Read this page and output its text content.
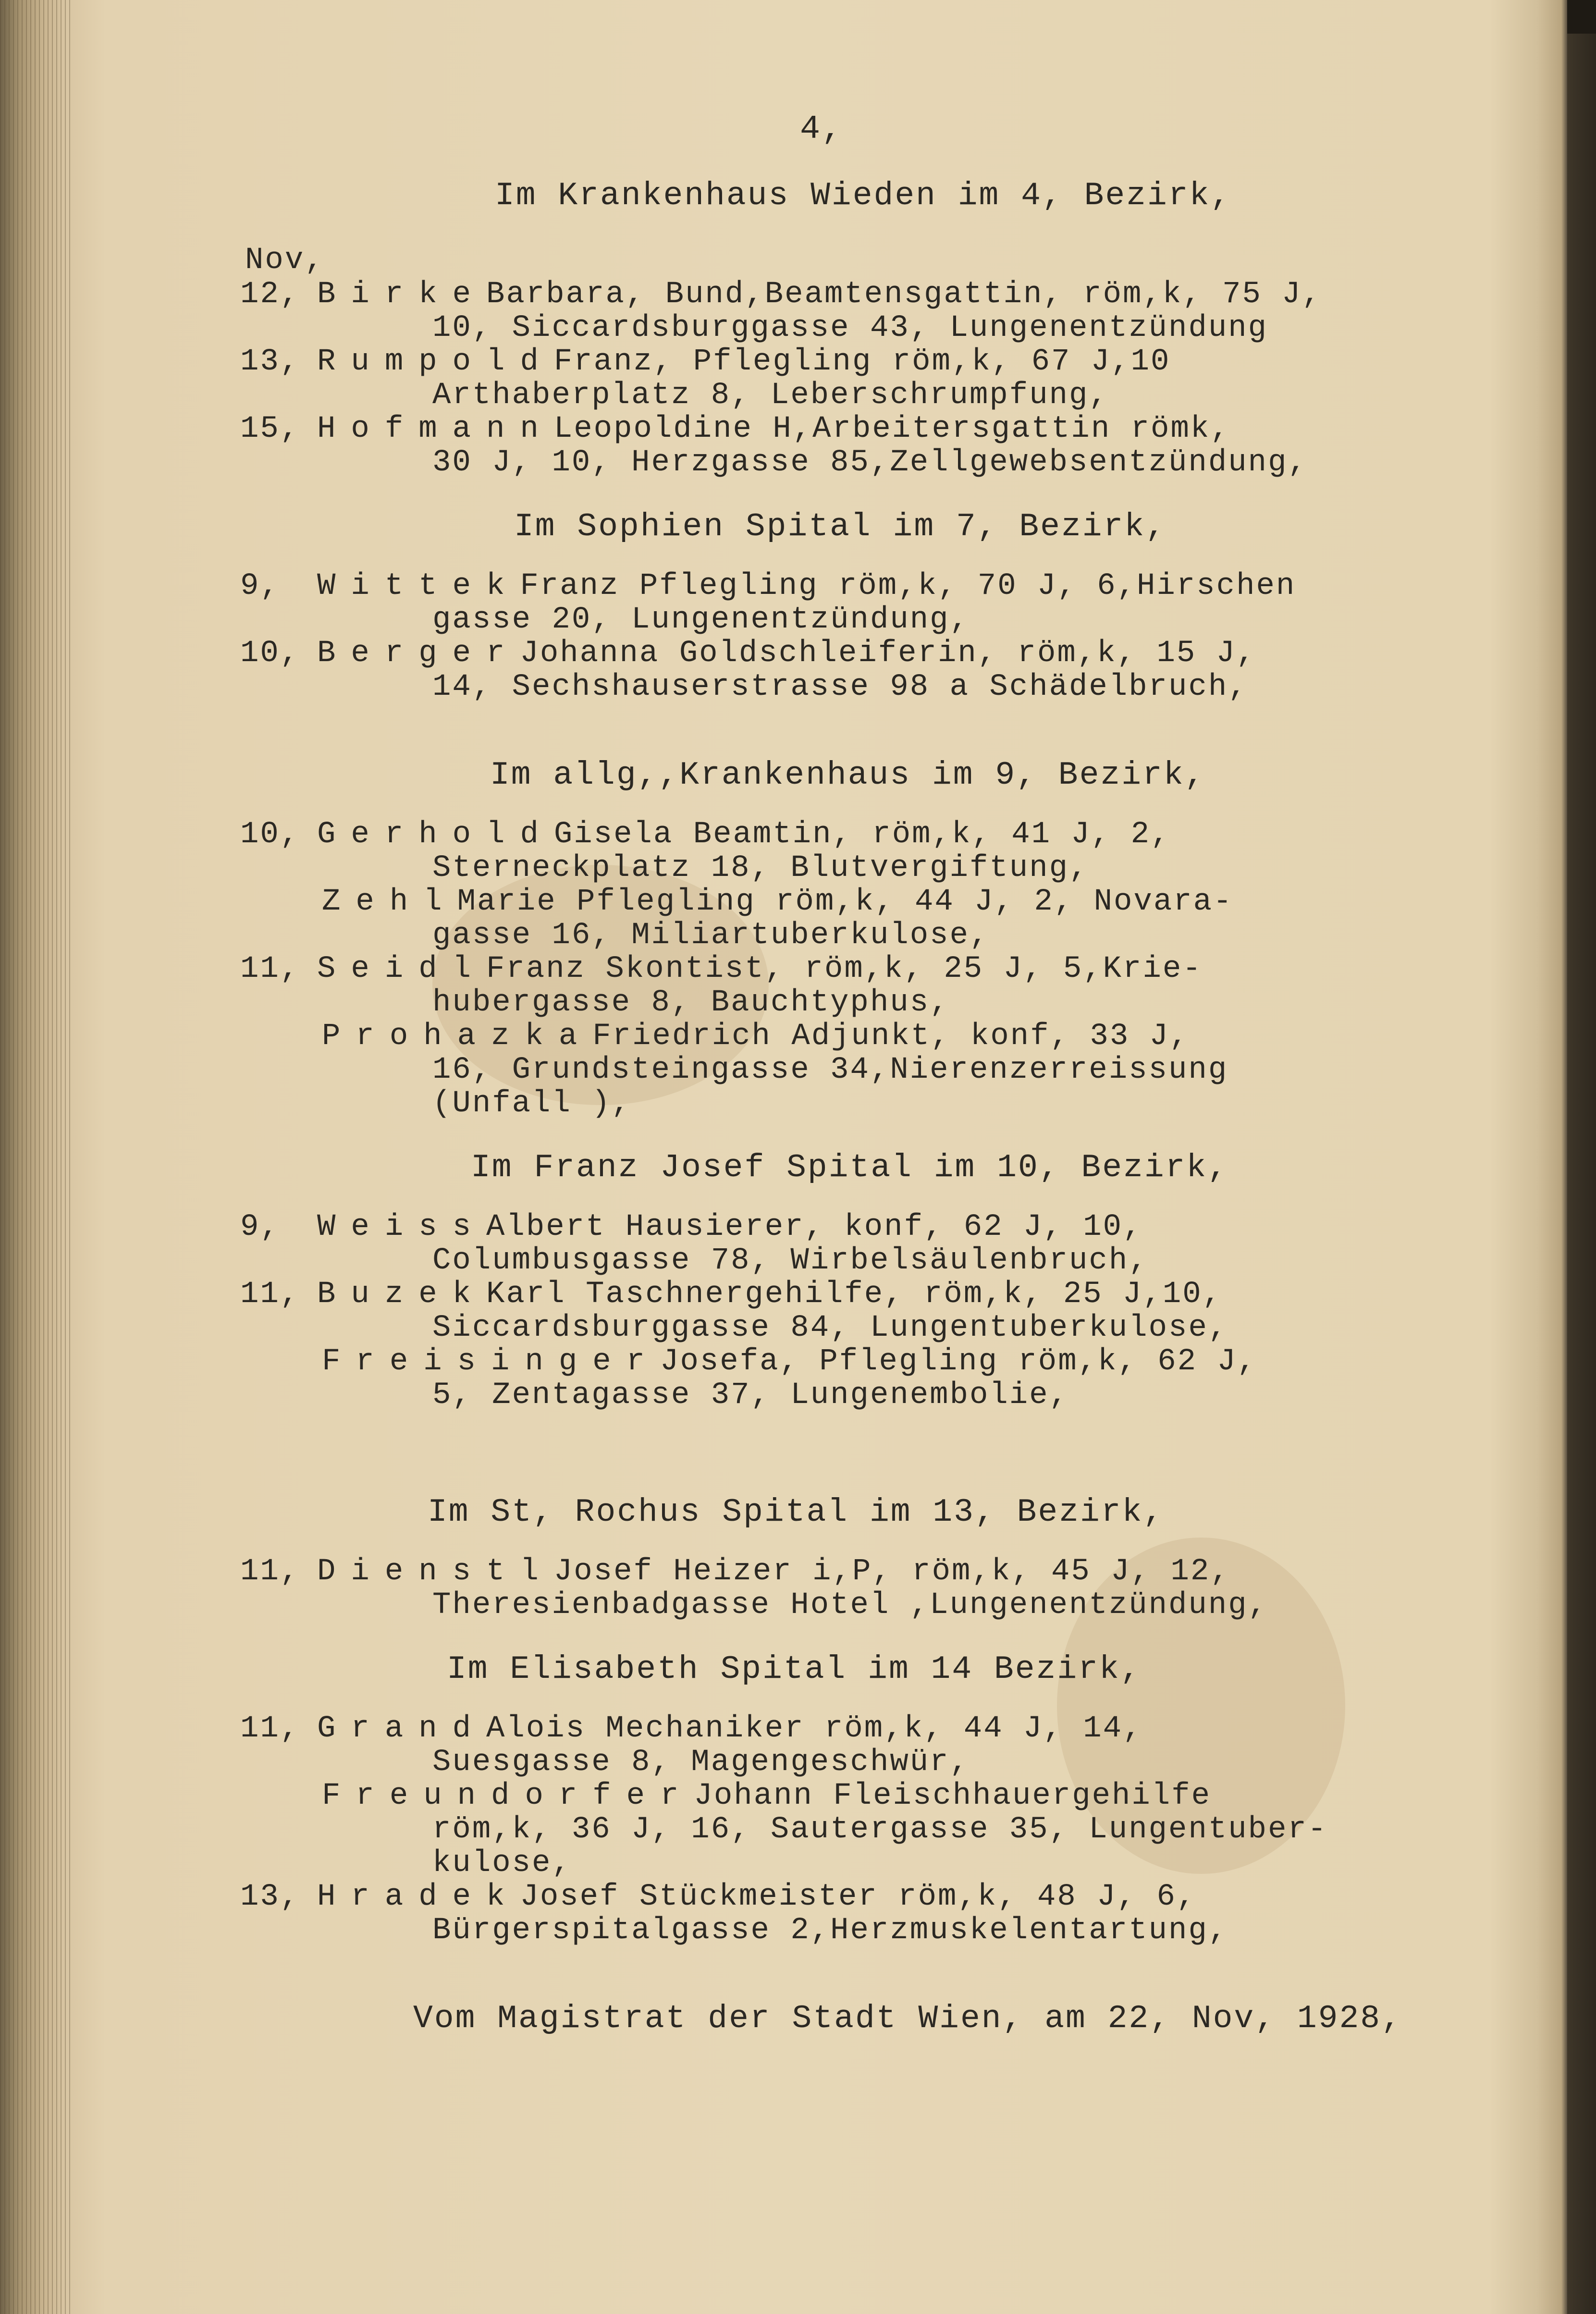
4,
Im Krankenhaus Wieden im 4, Bezirk,
Nov,
12, BirkeBarbara, Bund,Beamtensgattin, röm,k, 75 J,
10, Siccardsburggasse 43, Lungenentzündung
13, RumpoldFranz, Pflegling röm,k, 67 J,10
Arthaberplatz 8, Leberschrumpfung,
15, HofmannLeopoldine H,Arbeitersgattin römk,
30 J, 10, Herzgasse 85,Zellgewebsentzündung,
Im Sophien Spital im 7, Bezirk,
9, WittekFranz Pflegling röm,k, 70 J, 6,Hirschen
gasse 20, Lungenentzündung,
10, BergerJohanna Goldschleiferin, röm,k, 15 J,
14, Sechshauserstrasse 98 a Schädelbruch,
Im allg,,Krankenhaus im 9, Bezirk,
10, GerholdGisela Beamtin, röm,k, 41 J, 2,
Sterneckplatz 18, Blutvergiftung,
ZehlMarie Pflegling röm,k, 44 J, 2, Novara-
gasse 16, Miliartuberkulose,
11, SeidlFranz Skontist, röm,k, 25 J, 5,Krie-
hubergasse 8, Bauchtyphus,
ProhazkaFriedrich Adjunkt, konf, 33 J,
16, Grundsteingasse 34,Nierenzerreissung
(Unfall ),
Im Franz Josef Spital im 10, Bezirk,
9, WeissAlbert Hausierer, konf, 62 J, 10,
Columbusgasse 78, Wirbelsäulenbruch,
11, BuzekKarl Taschnergehilfe, röm,k, 25 J,10,
Siccardsburggasse 84, Lungentuberkulose,
FreisingerJosefa, Pflegling röm,k, 62 J,
5, Zentagasse 37, Lungenembolie,
Im St, Rochus Spital im 13, Bezirk,
11, DienstlJosef Heizer i,P, röm,k, 45 J, 12,
Theresienbadgasse Hotel ,Lungenentzündung,
Im Elisabeth Spital im 14 Bezirk,
11, GrandAlois Mechaniker röm,k, 44 J, 14,
Suesgasse 8, Magengeschwür,
FreundorferJohann Fleischhauergehilfe
röm,k, 36 J, 16, Sautergasse 35, Lungentuber-
kulose,
13, HradekJosef Stückmeister röm,k, 48 J, 6,
Bürgerspitalgasse 2,Herzmuskelentartung,
Vom Magistrat der Stadt Wien, am 22, Nov, 1928,
